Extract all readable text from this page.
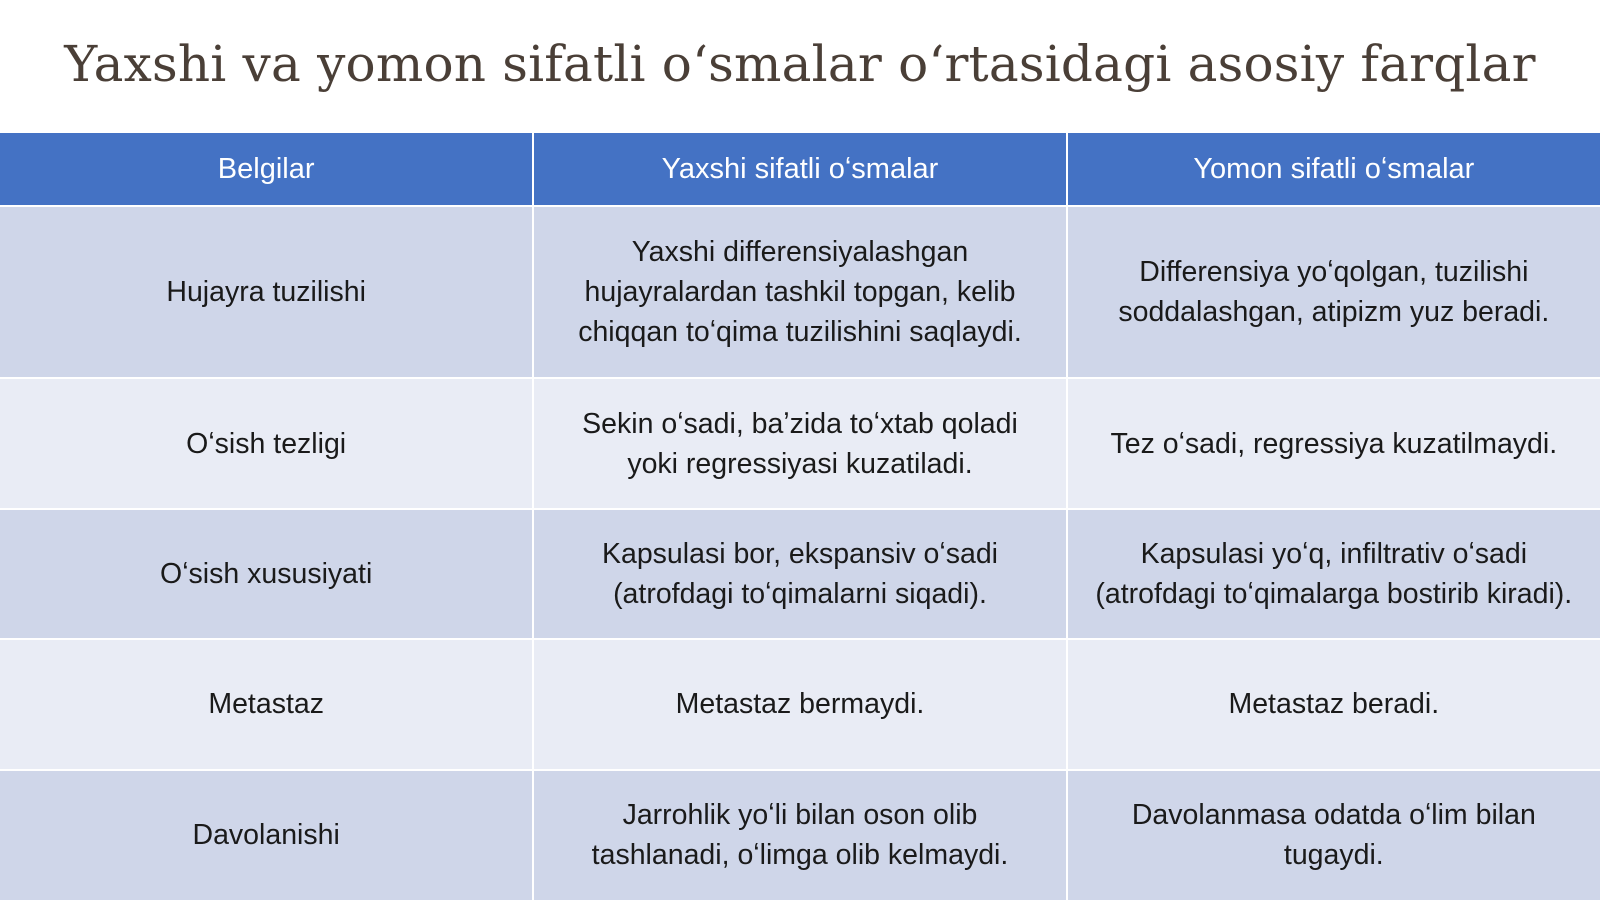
Yaxshi va yomon sifatli oʻsmalar oʻrtasidagi asosiy farqlar
Belgilar	Yaxshi sifatli oʻsmalar	Yomon sifatli oʻsmalar
Hujayra tuzilishi	Yaxshi differensiyalashgan hujayralardan tashkil topgan, kelib chiqqan toʻqima tuzilishini saqlaydi.	Differensiya yoʻqolgan, tuzilishi soddalashgan, atipizm yuz beradi.
Oʻsish tezligi	Sekin oʻsadi, baʼzida toʻxtab qoladi yoki regressiyasi kuzatiladi.	Tez oʻsadi, regressiya kuzatilmaydi.
Oʻsish xususiyati	Kapsulasi bor, ekspansiv oʻsadi (atrofdagi toʻqimalarni siqadi).	Kapsulasi yoʻq, infiltrativ oʻsadi (atrofdagi toʻqimalarga bostirib kiradi).
Metastaz	Metastaz bermaydi.	Metastaz beradi.
Davolanishi	Jarrohlik yoʻli bilan oson olib tashlanadi, oʻlimga olib kelmaydi.	Davolanmasa odatda oʻlim bilan tugaydi.
